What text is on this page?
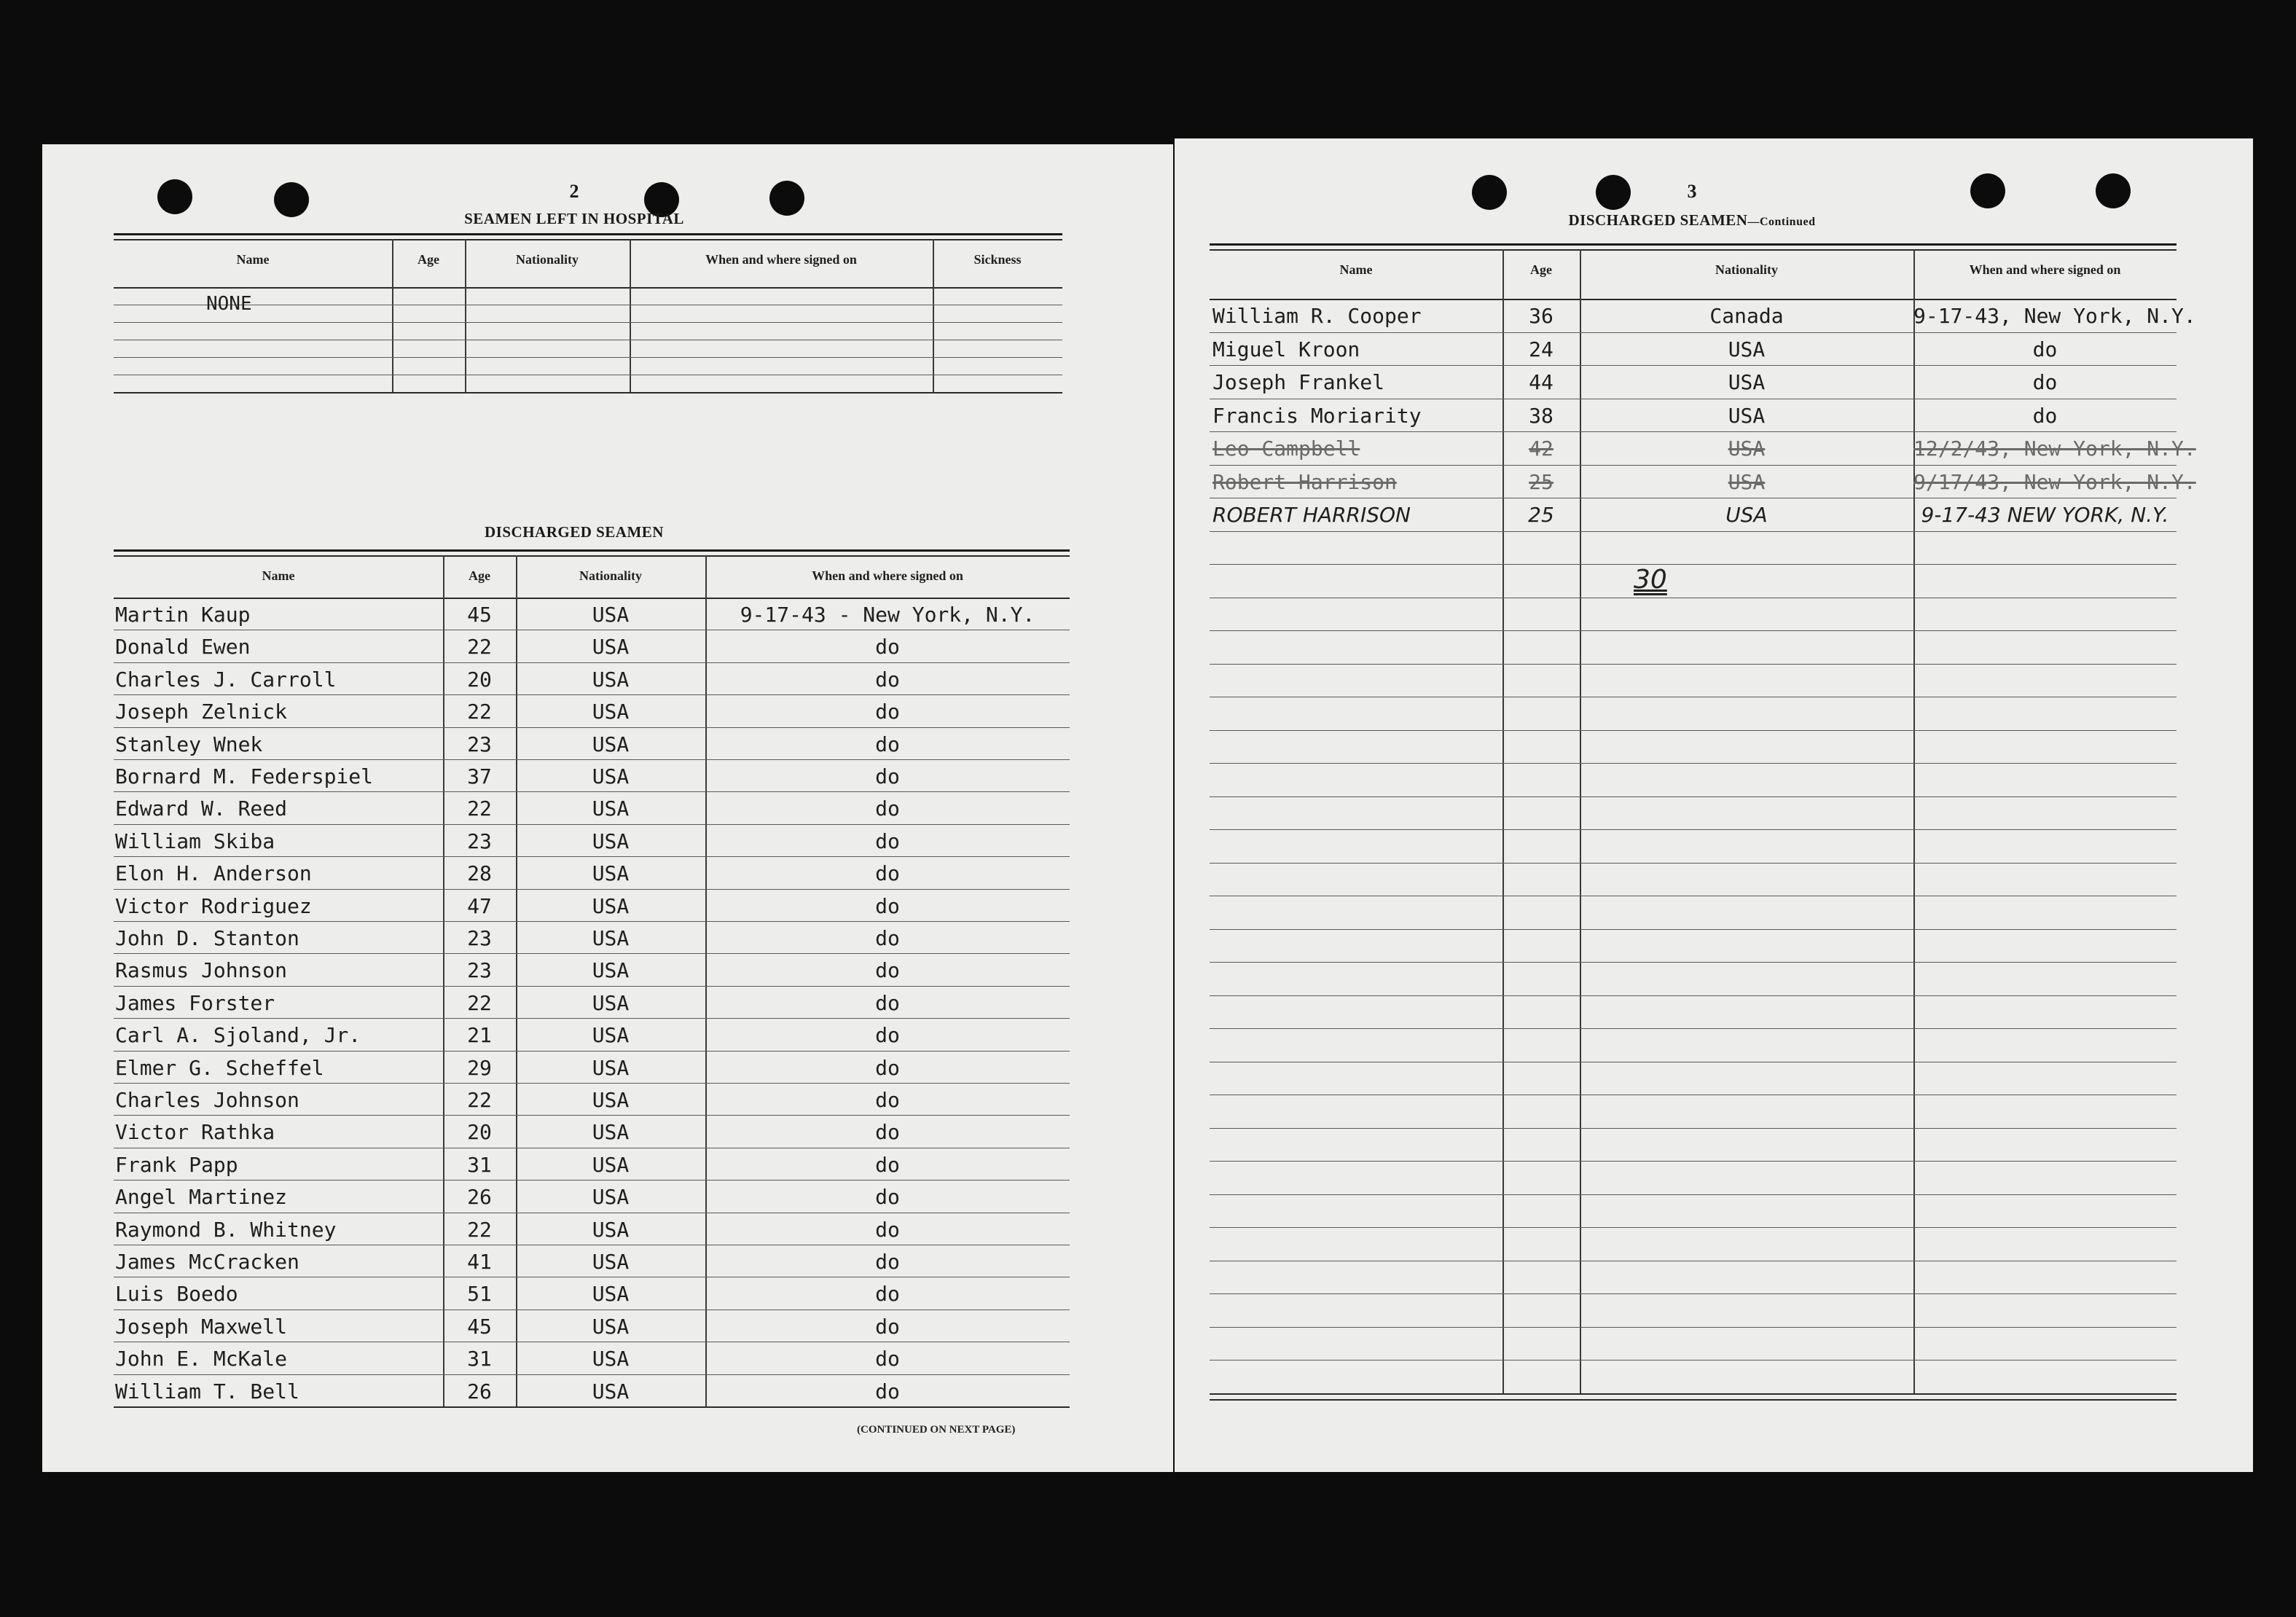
2
SEAMEN LEFT IN HOSPITAL
Name	Age	Nationality	When and where signed on	Sickness
NONE
DISCHARGED SEAMEN
Name	Age	Nationality	When and where signed on
Martin Kaup	45	USA	9-17-43 - New York, N.Y.
Donald Ewen	22	USA	do
Charles J. Carroll	20	USA	do
Joseph Zelnick	22	USA	do
Stanley Wnek	23	USA	do
Bornard M. Federspiel	37	USA	do
Edward W. Reed	22	USA	do
William Skiba	23	USA	do
Elon H. Anderson	28	USA	do
Victor Rodriguez	47	USA	do
John D. Stanton	23	USA	do
Rasmus Johnson	23	USA	do
James Forster	22	USA	do
Carl A. Sjoland, Jr.	21	USA	do
Elmer G. Scheffel	29	USA	do
Charles Johnson	22	USA	do
Victor Rathka	20	USA	do
Frank Papp	31	USA	do
Angel Martinez	26	USA	do
Raymond B. Whitney	22	USA	do
James McCracken	41	USA	do
Luis Boedo	51	USA	do
Joseph Maxwell	45	USA	do
John E. McKale	31	USA	do
William T. Bell	26	USA	do
(CONTINUED ON NEXT PAGE)
3
DISCHARGED SEAMEN—Continued
Name	Age	Nationality	When and where signed on
William R. Cooper	36	Canada	9-17-43, New York, N.Y.
Miguel Kroon	24	USA	do
Joseph Frankel	44	USA	do
Francis Moriarity	38	USA	do
Leo Campbell	42	USA	12/2/43, New York, N.Y.
Robert Harrison	25	USA	9/17/43, New York, N.Y.
ROBERT HARRISON	25	USA	9-17-43 NEW YORK, N.Y.
30
